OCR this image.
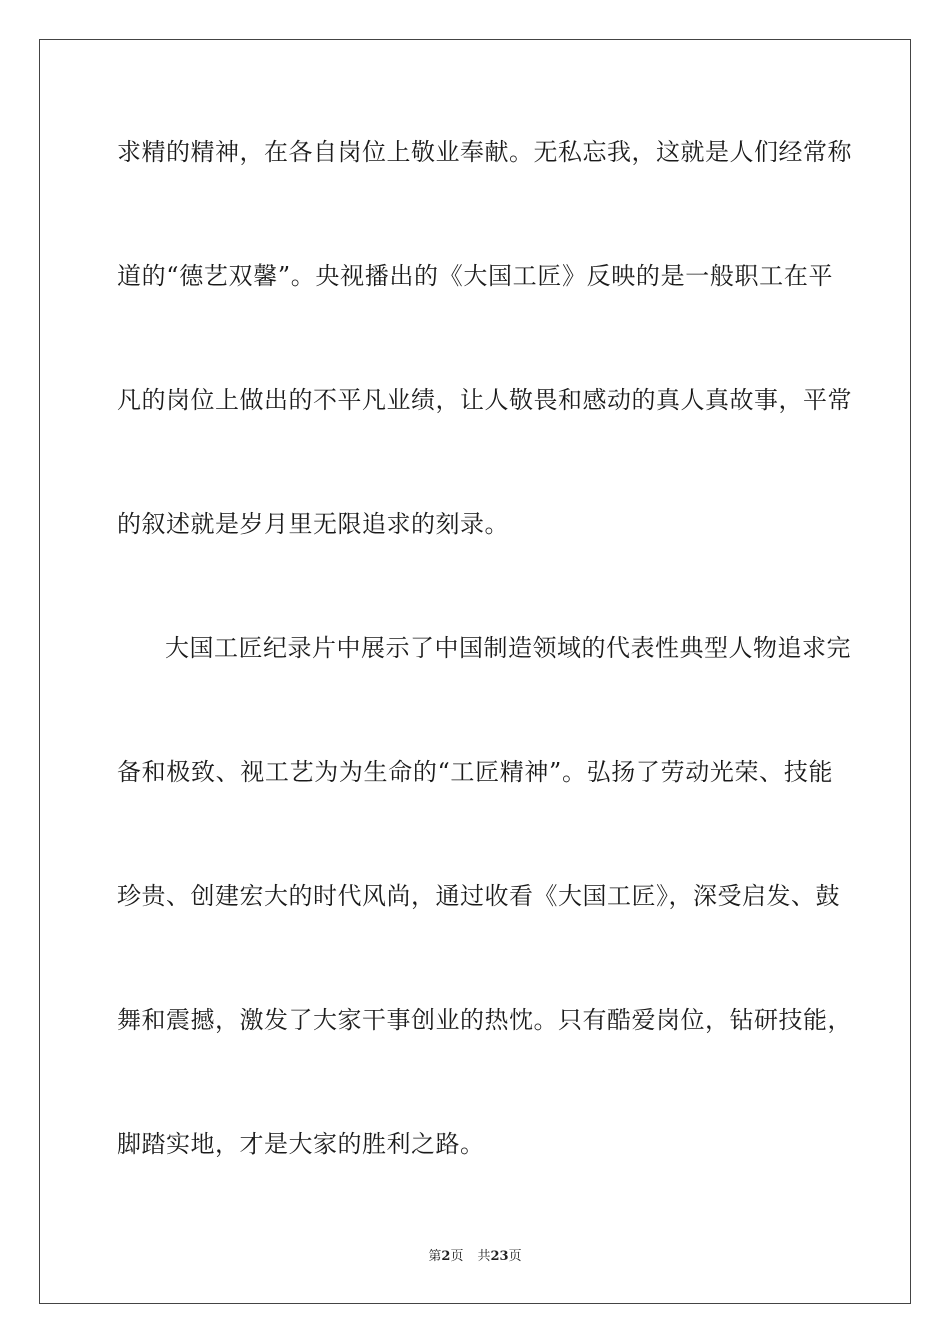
求精的精神，在各自岗位上敬业奉献。无私忘我，这就是人们经常称
道的“德艺双馨”。央视播出的《大国工匠》反映的是一般职工在平
凡的岗位上做出的不平凡业绩，让人敬畏和感动的真人真故事，平常
的叙述就是岁月里无限追求的刻录。
大国工匠纪录片中展示了中国制造领域的代表性典型人物追求完
备和极致、视工艺为为生命的“工匠精神”。弘扬了劳动光荣、技能
珍贵、创建宏大的时代风尚，通过收看《大国工匠》，深受启发、鼓
舞和震撼，激发了大家干事创业的热忱。只有酷爱岗位，钻研技能，
脚踏实地，才是大家的胜利之路。
第2页 共23页
